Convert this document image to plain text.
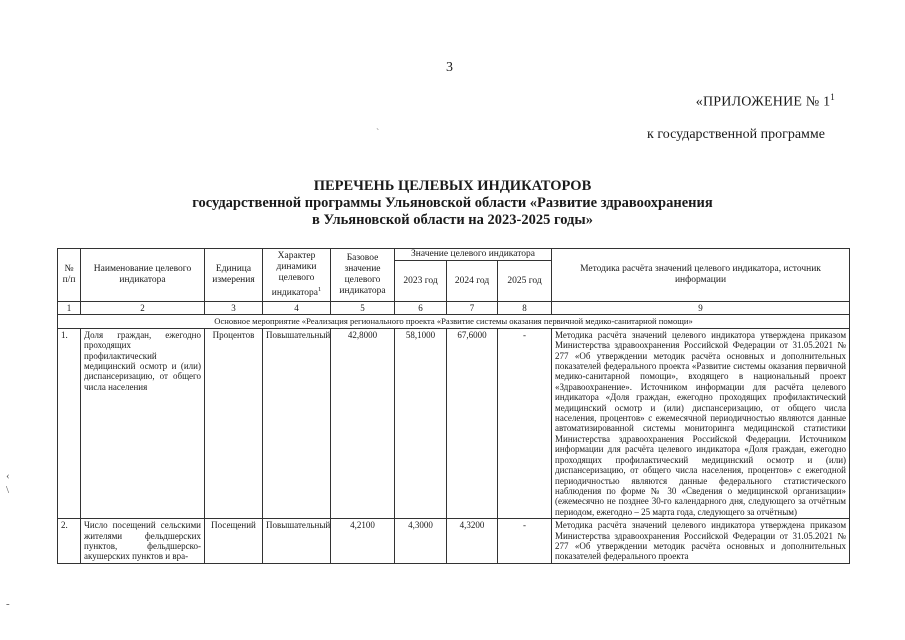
3
«ПРИЛОЖЕНИЕ № $1^1$
к государственной программе
`
‹
\
-
ПЕРЕЧЕНЬ ЦЕЛЕВЫХ ИНДИКАТОРОВ
государственной программы Ульяновской области «Развитие здравоохранения
в Ульяновской области на 2023-2025 годы»
№ п/п	Наименование целевого индикатора	Единица измерения	Характер динамики целевого индикатора$^1$	Базовое значение целевого индикатора	Значение целевого индикатора			Методика расчёта значений целевого индикатора, источник информации
					2023 год	2024 год	2025 год	
1	2	3	4	5	6	7	8	9
Основное мероприятие «Реализация регионального проекта «Развитие системы оказания первичной медико-санитарной помощи»								
1.	Доля граждан, ежегодно проходящих профилактический медицинский осмотр и (или) диспансеризацию, от общего числа населения	Процентов	Повышательный	42,8000	58,1000	67,6000	-	Методика расчёта значений целевого индикатора утверждена приказом Министерства здравоохранения Российской Федерации от 31.05.2021 № 277 «Об утверждении методик расчёта основных и дополнительных показателей федерального проекта «Развитие системы оказания первичной медико-санитарной помощи», входящего в национальный проект «Здравоохранение». Источником информации для расчёта целевого индикатора «Доля граждан, ежегодно проходящих профилактический медицинский осмотр и (или) диспансеризацию, от общего числа населения, процентов» с ежемесячной периодичностью являются данные автоматизированной системы мониторинга медицинской статистики Министерства здравоохранения Российской Федерации. Источником информации для расчёта целевого индикатора «Доля граждан, ежегодно проходящих профилактический медицинский осмотр и (или) диспансеризацию, от общего числа населения, процентов» с ежегодной периодичностью являются данные федерального статистического наблюдения по форме № 30 «Сведения о медицинской организации» (ежемесячно не позднее 30-го календарного дня, следующего за отчётным периодом, ежегодно – 25 марта года, следующего за отчётным)
2.	Число посещений сельскими жителями фельдшерских пунктов, фельдшерско-акушерских пунктов и вра-	Посещений	Повышательный	4,2100	4,3000	4,3200	-	Методика расчёта значений целевого индикатора утверждена приказом Министерства здравоохранения Российской Федерации от 31.05.2021 № 277 «Об утверждении методик расчёта основных и дополнительных показателей федерального проекта
